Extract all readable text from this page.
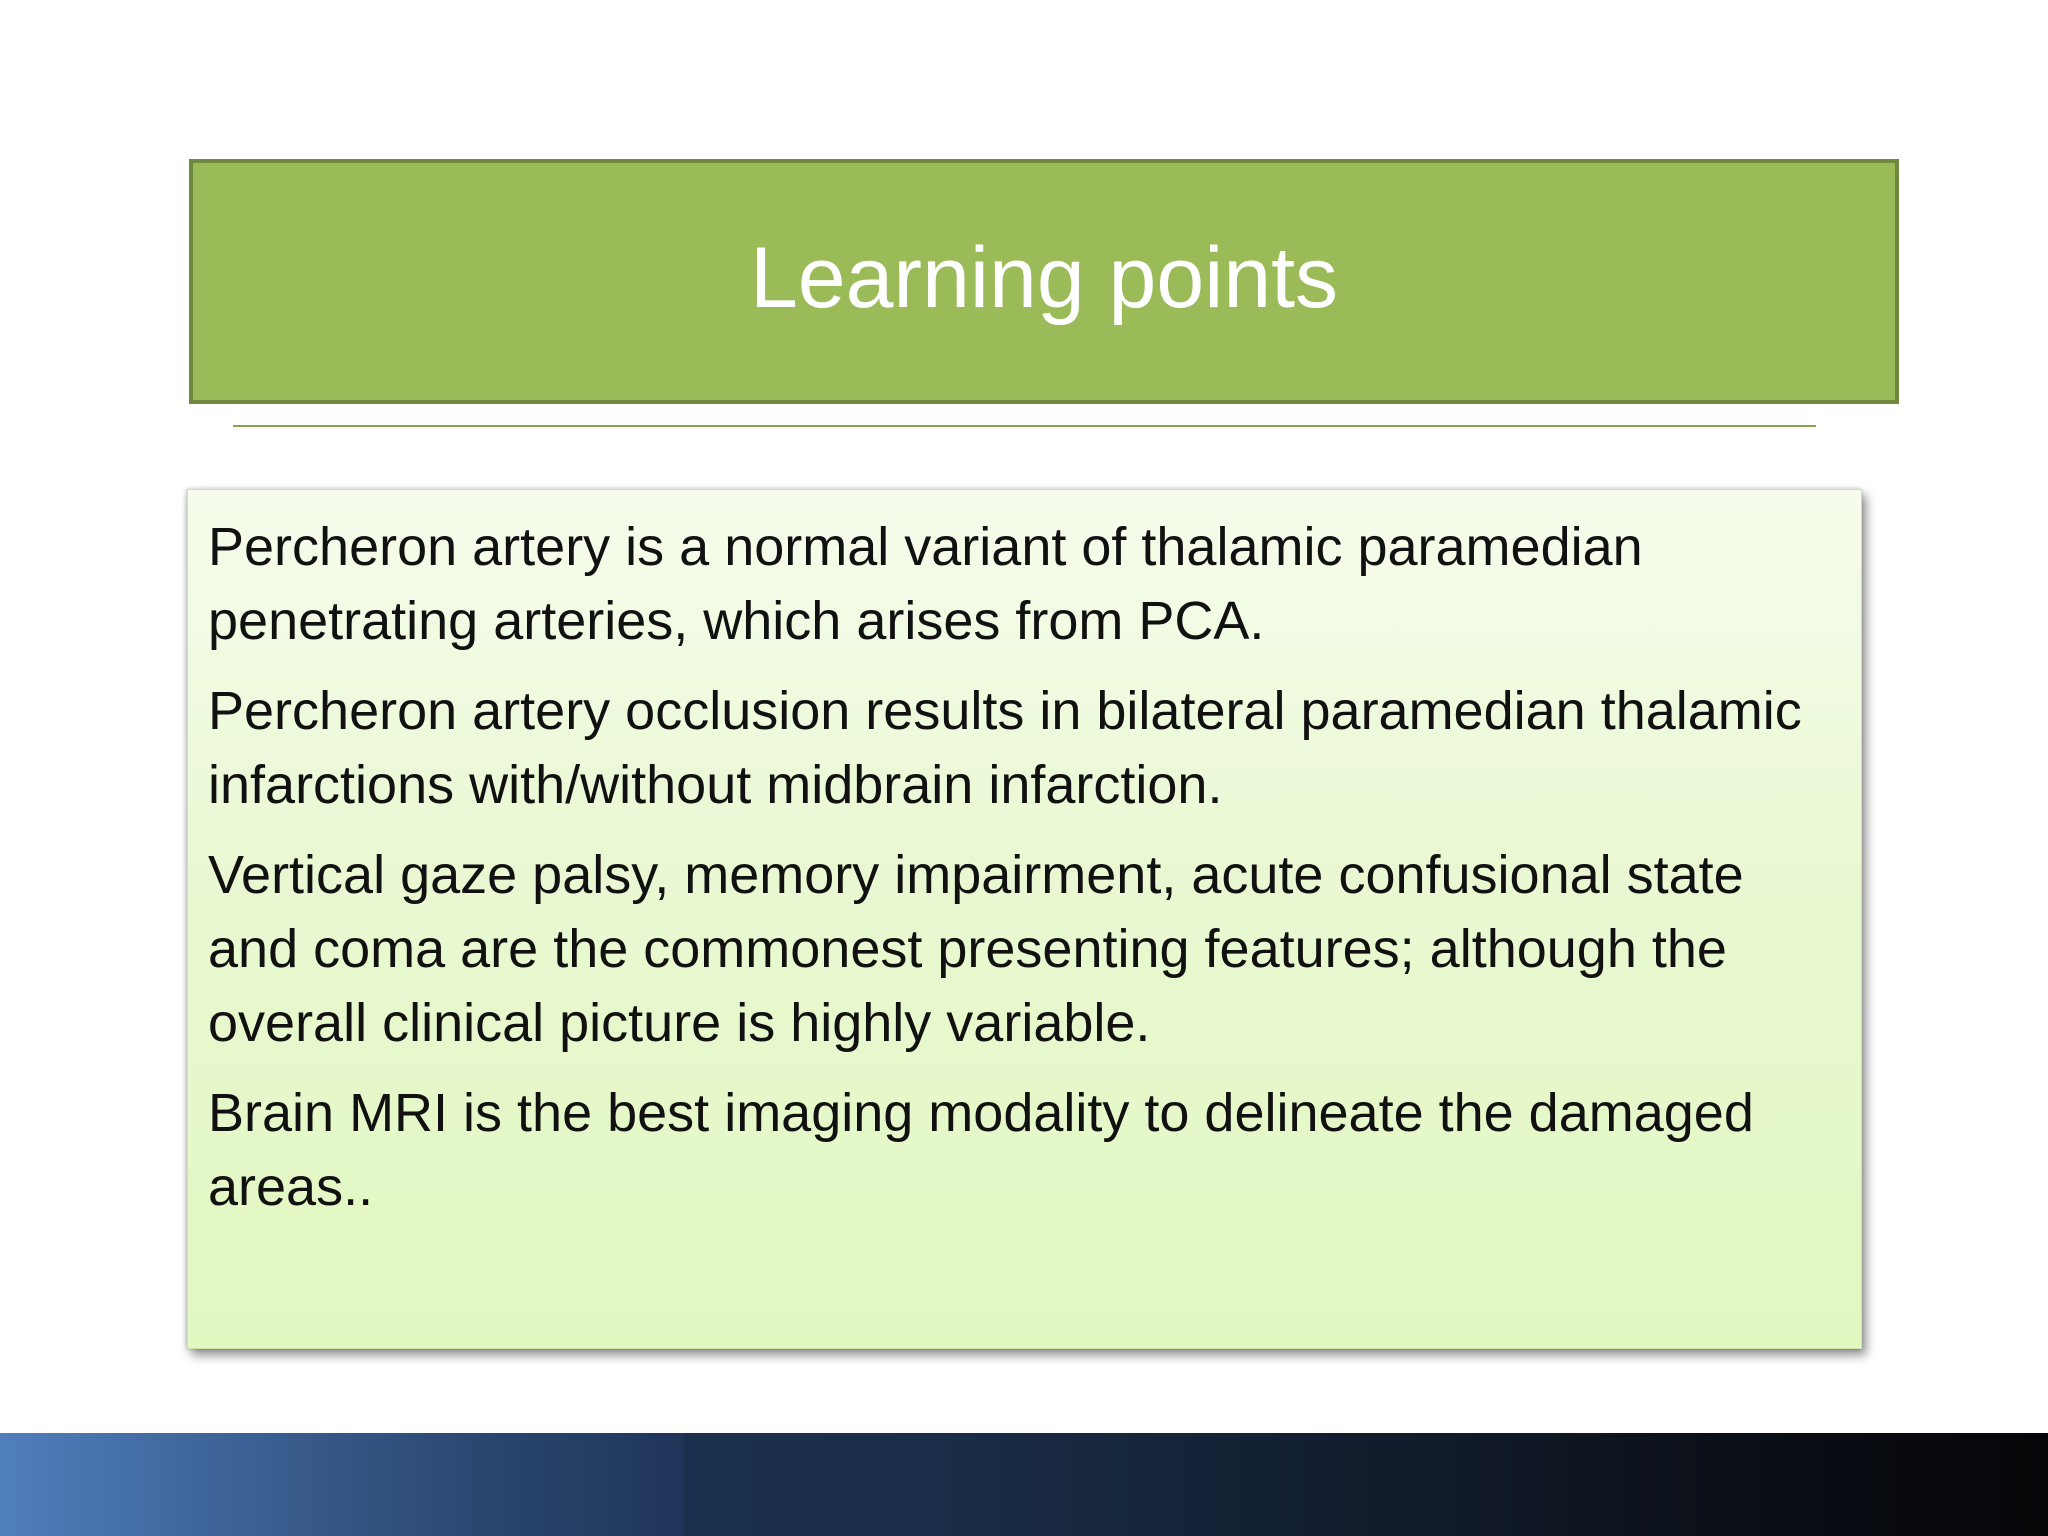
Learning points

Percheron artery is a normal variant of thalamic paramedian penetrating arteries, which arises from PCA.

Percheron artery occlusion results in bilateral paramedian thalamic infarctions with/without midbrain infarction.

Vertical gaze palsy, memory impairment, acute confusional state and coma are the commonest presenting features; although the overall clinical picture is highly variable.

Brain MRI is the best imaging modality to delineate the damaged areas..
